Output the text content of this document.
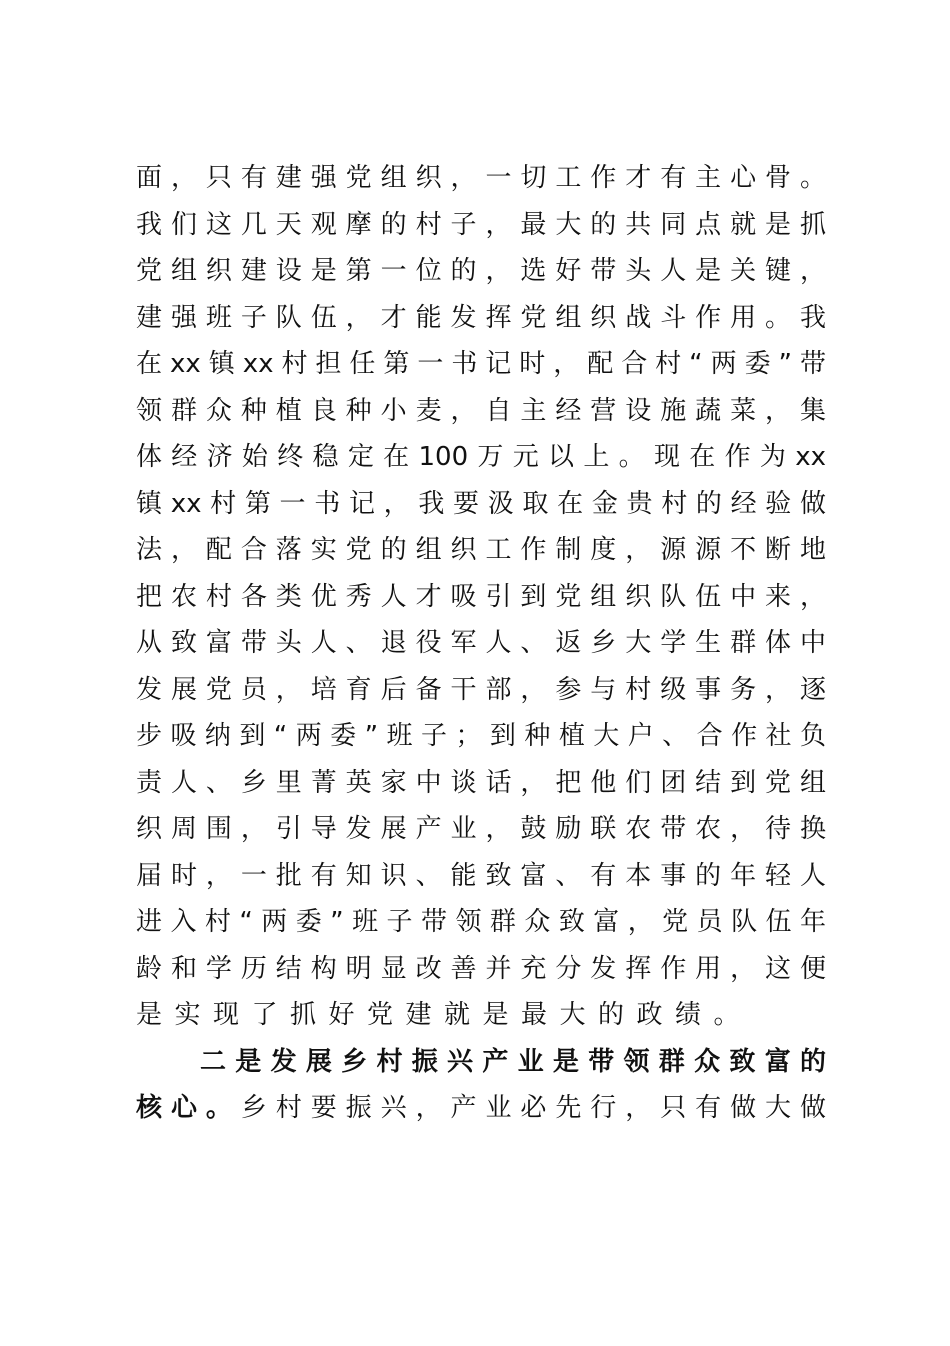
面，只有建强党组织，一切工作才有主心骨。
我们这几天观摩的村子，最大的共同点就是抓
党组织建设是第一位的，选好带头人是关键，
建强班子队伍，才能发挥党组织战斗作用。我
在xx镇xx村担任第一书记时，配合村“两委”带
领群众种植良种小麦，自主经营设施蔬菜，集
体经济始终稳定在100万元以上。现在作为xx
镇xx村第一书记，我要汲取在金贵村的经验做
法，配合落实党的组织工作制度，源源不断地
把农村各类优秀人才吸引到党组织队伍中来，
从致富带头人、退役军人、返乡大学生群体中
发展党员，培育后备干部，参与村级事务，逐
步吸纳到“两委”班子；到种植大户、合作社负
责人、乡里菁英家中谈话，把他们团结到党组
织周围，引导发展产业，鼓励联农带农，待换
届时，一批有知识、能致富、有本事的年轻人
进入村“两委”班子带领群众致富，党员队伍年
龄和学历结构明显改善并充分发挥作用，这便
是实现了抓好党建就是最大的政绩。
二是发展乡村振兴产业是带领群众致富的
核心。乡村要振兴，产业必先行，只有做大做
